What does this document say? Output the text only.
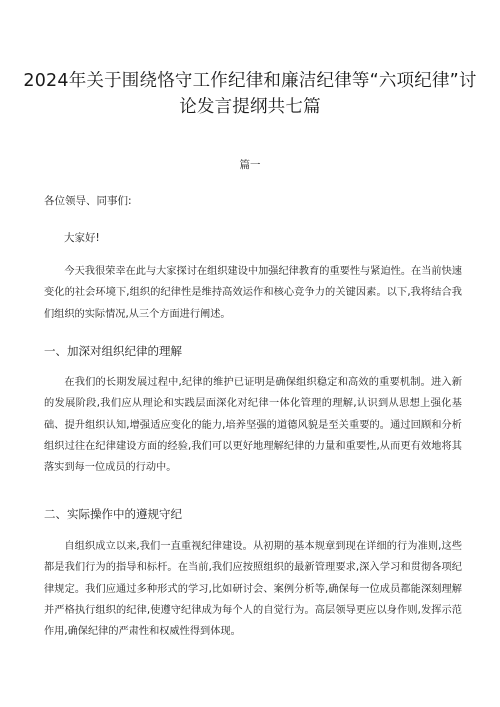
2024年关于围绕恪守工作纪律和廉洁纪律等“六项纪律”讨论发言提纲共七篇
篇一
各位领导、同事们:
大家好!
今天我很荣幸在此与大家探讨在组织建设中加强纪律教育的重要性与紧迫性。在当前快速变化的社会环境下,组织的纪律性是维持高效运作和核心竞争力的关键因素。以下,我将结合我们组织的实际情况,从三个方面进行阐述。
一、加深对组织纪律的理解
在我们的长期发展过程中,纪律的维护已证明是确保组织稳定和高效的重要机制。进入新的发展阶段,我们应从理论和实践层面深化对纪律一体化管理的理解,认识到从思想上强化基础、提升组织认知,增强适应变化的能力,培养坚强的道德风貌是至关重要的。通过回顾和分析组织过往在纪律建设方面的经验,我们可以更好地理解纪律的力量和重要性,从而更有效地将其落实到每一位成员的行动中。
二、实际操作中的遵规守纪
自组织成立以来,我们一直重视纪律建设。从初期的基本规章到现在详细的行为准则,这些都是我们行为的指导和标杆。在当前,我们应按照组织的最新管理要求,深入学习和贯彻各项纪律规定。我们应通过多种形式的学习,比如研讨会、案例分析等,确保每一位成员都能深刻理解并严格执行组织的纪律,使遵守纪律成为每个人的自觉行为。高层领导更应以身作则,发挥示范作用,确保纪律的严肃性和权威性得到体现。
